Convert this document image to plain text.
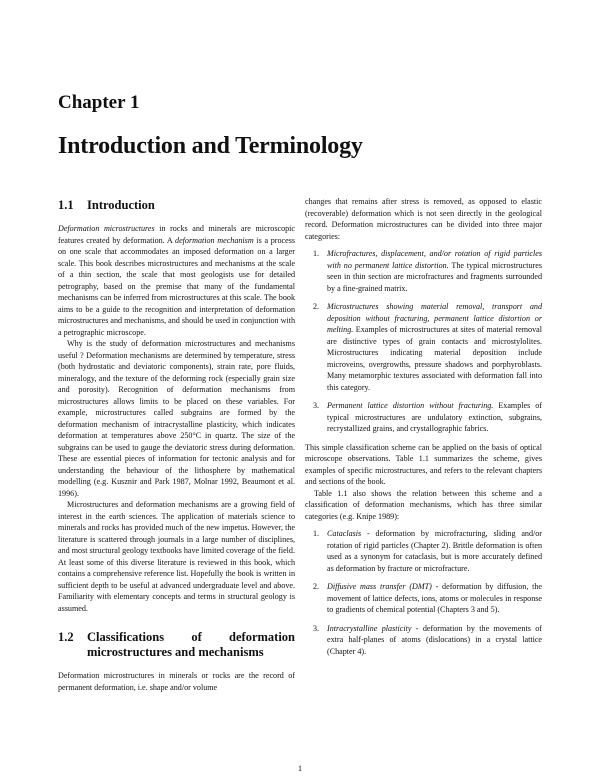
Chapter 1
Introduction and Terminology
1.1	Introduction

Deformation microstructures in rocks and minerals are microscopic features created by deformation. A deformation mechanism is a process on one scale that accommodates an imposed deformation on a larger scale. This book describes microstructures and mechanisms at the scale of a thin section, the scale that most geologists use for detailed petrography, based on the premise that many of the fundamental mechanisms can be inferred from microstructures at this scale. The book aims to be a guide to the recognition and interpretation of deformation microstructures and mechanisms, and should be used in conjunction with a petrographic microscope.

Why is the study of deformation microstructures and mechanisms useful ? Deformation mechanisms are determined by temperature, stress (both hydrostatic and deviatoric components), strain rate, pore fluids, mineralogy, and the texture of the deforming rock (especially grain size and porosity). Recognition of deformation mechanisms from microstructures allows limits to be placed on these variables. For example, microstructures called subgrains are formed by the deformation mechanism of intracrystalline plasticity, which indicates deformation at temperatures above 250°C in quartz. The size of the subgrains can be used to gauge the deviatoric stress during deformation. These are essential pieces of information for tectonic analysis and for understanding the behaviour of the lithosphere by mathematical modelling (e.g. Kusznir and Park 1987, Molnar 1992, Beaumont et al. 1996).

Microstructures and deformation mechanisms are a growing field of interest in the earth sciences. The application of materials science to minerals and rocks has provided much of the new impetus. However, the literature is scattered through journals in a large number of disciplines, and most structural geology textbooks have limited coverage of the field. At least some of this diverse literature is reviewed in this book, which contains a comprehensive reference list. Hopefully the book is written in sufficient depth to be useful at advanced undergraduate level and above. Familiarity with elementary concepts and terms in structural geology is assumed.

1.2	Classifications of deformation microstructures and mechanisms

Deformation microstructures in minerals or rocks are the record of permanent deformation, i.e. shape and/or volume

changes that remains after stress is removed, as opposed to elastic (recoverable) deformation which is not seen directly in the geological record. Deformation microstructures can be divided into three major categories:

1. Microfractures, displacement, and/or rotation of rigid particles with no permanent lattice distortion. The typical microstructures seen in thin section are microfractures and fragments surrounded by a fine-grained matrix.
2. Microstructures showing material removal, transport and deposition without fracturing, permanent lattice distortion or melting. Examples of microstructures at sites of material removal are distinctive types of grain contacts and microstylolites. Microstructures indicating material deposition include microveins, overgrowths, pressure shadows and porphyroblasts. Many metamorphic textures associated with deformation fall into this category.
3. Permanent lattice distortion without fracturing. Examples of typical microstructures are undulatory extinction, subgrains, recrystallized grains, and crystallographic fabrics.

This simple classification scheme can be applied on the basis of optical microscope observations. Table 1.1 summarizes the scheme, gives examples of specific microstructures, and refers to the relevant chapters and sections of the book.

Table 1.1 also shows the relation between this scheme and a classification of deformation mechanisms, which has three similar categories (e.g. Knipe 1989):

1. Cataclasis - deformation by microfracturing, sliding and/or rotation of rigid particles (Chapter 2). Brittle deformation is often used as a synonym for cataclasis, but is more accurately defined as deformation by fracture or microfracture.
2. Diffusive mass transfer (DMT) - deformation by diffusion, the movement of lattice defects, ions, atoms or molecules in response to gradients of chemical potential (Chapters 3 and 5).
3. Intracrystalline plasticity - deformation by the movements of extra half-planes of atoms (dislocations) in a crystal lattice (Chapter 4).

1
